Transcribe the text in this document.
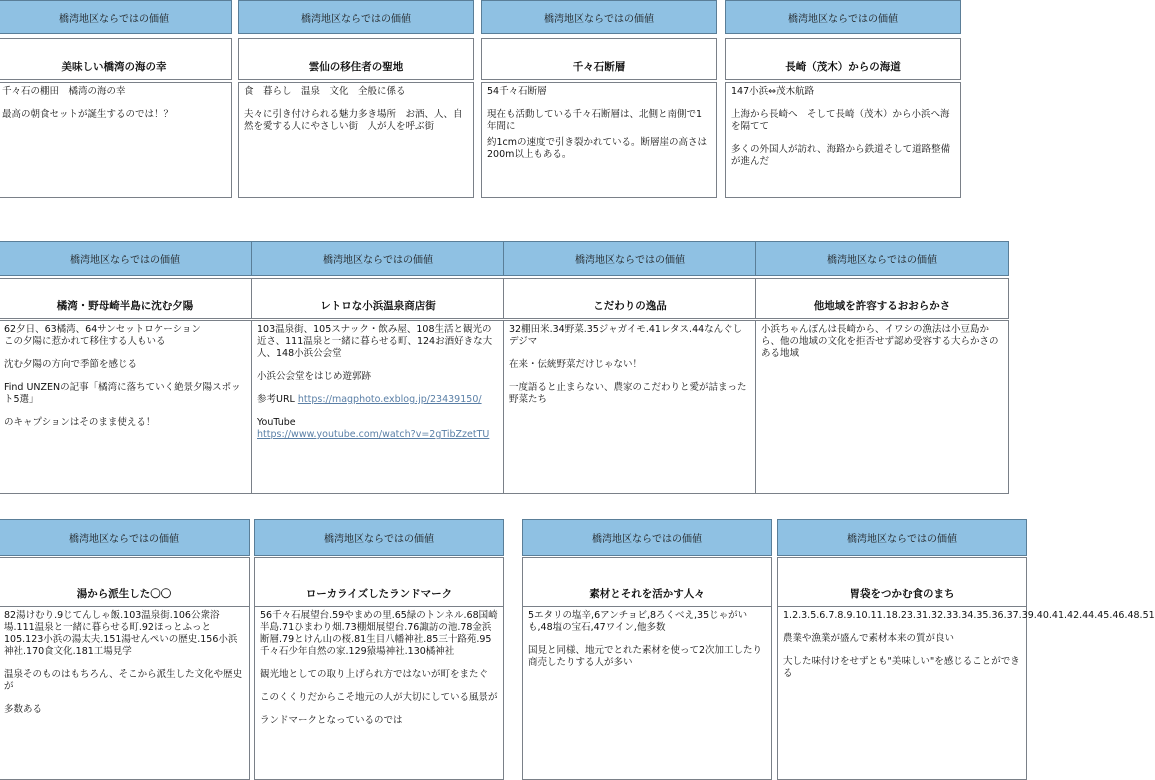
橋湾地区ならではの価値
美味しい橋湾の海の幸

千々石の棚田　橘湾の海の幸

最高の朝食セットが誕生するのでは！？

橋湾地区ならではの価値
雲仙の移住者の聖地

食　暮らし　温泉　文化　全般に係る

夫々に引き付けられる魅力多き場所　お酒、人、自然を愛する人にやさしい街　人が人を呼ぶ街

橋湾地区ならではの価値
千々石断層

54千々石断層

現在も活動している千々石断層は、北側と南側で1年間に

約1cmの速度で引き裂かれている。断層崖の高さは200m以上もある。

橋湾地区ならではの価値
長崎（茂木）からの海道

147小浜⇔茂木航路

上海から長崎へ　そして長崎（茂木）から小浜へ海を隔てて

多くの外国人が訪れ、海路から鉄道そして道路整備が進んだ

橋湾地区ならではの価値
橘湾・野母崎半島に沈む夕陽

62夕日、63橘湾、64サンセットロケーション
この夕陽に惹かれて移住する人もいる

沈む夕陽の方向で季節を感じる

Find UNZENの記事「橘湾に落ちていく絶景夕陽スポット5選」

のキャプションはそのまま使える！

橋湾地区ならではの価値
レトロな小浜温泉商店街

103温泉街、105スナック・飲み屋、108生活と観光の近さ、111温泉と一緒に暮らせる町、124お酒好きな大人、148小浜公会堂

小浜公会堂をはじめ遊郭跡

参考URL https://magphoto.exblog.jp/23439150/

YouTube
https://www.youtube.com/watch?v=2gTibZzetTU

橋湾地区ならではの価値
こだわりの逸品

32棚田米.34野菜.35ジャガイモ.41レタス.44なんぐしデジマ

在来・伝統野菜だけじゃない！

一度語ると止まらない、農家のこだわりと愛が詰まった野菜たち

橋湾地区ならではの価値
他地域を許容するおおらかさ

小浜ちゃんぽんは長崎から、イワシの漁法は小豆島から、他の地域の文化を拒否せず認め受容する大らかさのある地域

橋湾地区ならではの価値
湯から派生した〇〇

82湯けむり.9じてんしゃ飯.103温泉街.106公衆浴場.111温泉と一緒に暮らせる町.92ほっとふっと105.123小浜の湯太夫.151湯せんぺいの歴史.156小浜神社.170食文化.181工場見学

温泉そのものはもちろん、そこから派生した文化や歴史が

多数ある

橋湾地区ならではの価値
ローカライズしたランドマーク

56千々石展望台.59やまめの里.65緑のトンネル.68国崎半島.71ひまわり畑.73棚畑展望台.76諏訪の池.78金浜断層.79とけん山の桜.81生目八幡神社.85三十路苑.95千々石少年自然の家.129猿場神社.130橘神社

観光地としての取り上げられ方ではないが町をまたぐ

このくくりだからこそ地元の人が大切にしている風景が

ランドマークとなっているのでは

橋湾地区ならではの価値
素材とそれを活かす人々

5エタリの塩辛,6アンチョビ,8ろくべえ,35じゃがいも,48塩の宝石,47ワイン,他多数

国見と同様、地元でとれた素材を使って2次加工したり商売したりする人が多い

橋湾地区ならではの価値
胃袋をつかむ食のまち

1.2.3.5.6.7.8.9.10.11.18.23.31.32.33.34.35.36.37.39.40.41.42.44.45.46.48.51

農業や漁業が盛んで素材本来の質が良い

大した味付けをせずとも"美味しい"を感じることができる
